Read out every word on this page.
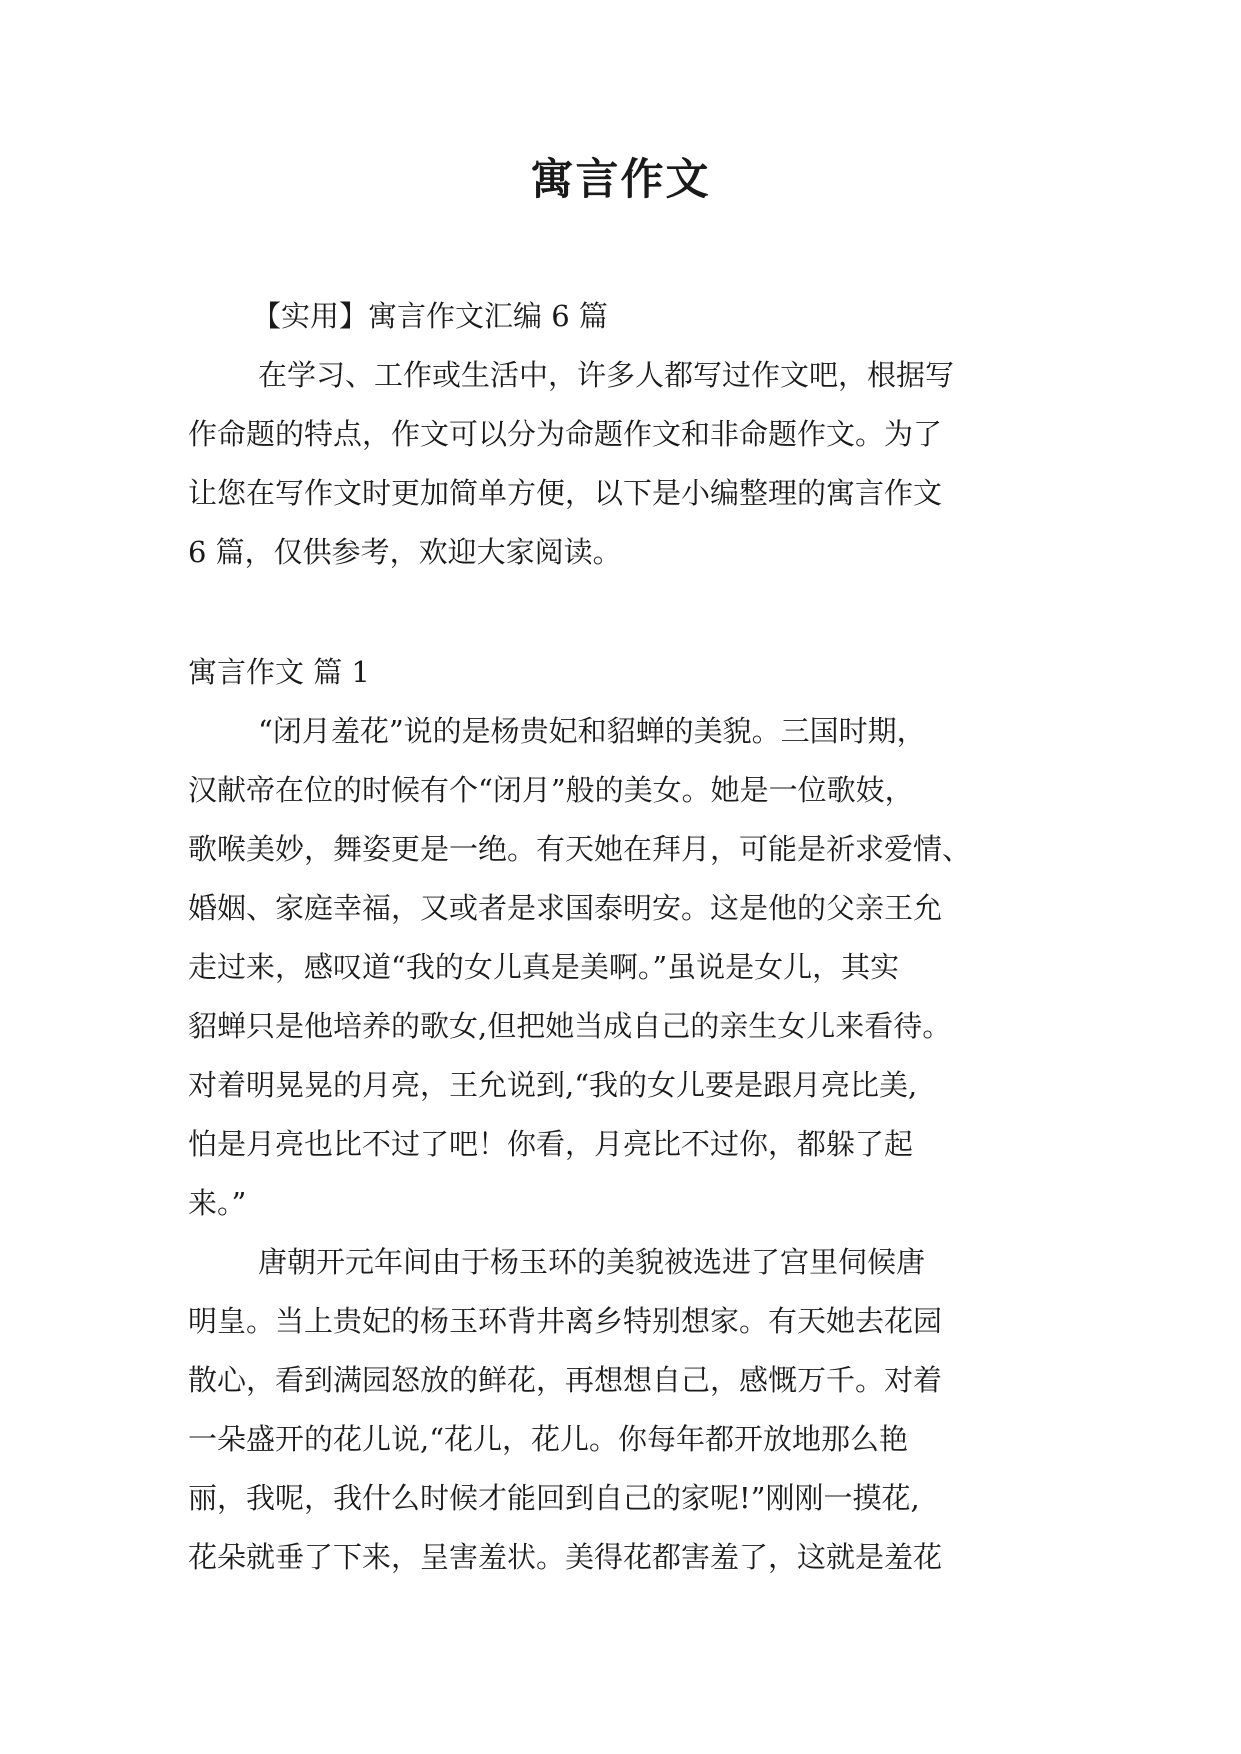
寓言作文

【实用】寓言作文汇编 6 篇

在学习、工作或生活中，许多人都写过作文吧，根据写

作命题的特点，作文可以分为命题作文和非命题作文。为了

让您在写作文时更加简单方便，以下是小编整理的寓言作文

6 篇，仅供参考，欢迎大家阅读。

寓言作文 篇 1

“闭月羞花”说的是杨贵妃和貂蝉的美貌。三国时期，

汉献帝在位的时候有个“闭月”般的美女。她是一位歌妓，

歌喉美妙，舞姿更是一绝。有天她在拜月，可能是祈求爱情、

婚姻、家庭幸福，又或者是求国泰明安。这是他的父亲王允

走过来，感叹道“我的女儿真是美啊。”虽说是女儿，其实

貂蝉只是他培养的歌女,但把她当成自己的亲生女儿来看待。

对着明晃晃的月亮，王允说到,“我的女儿要是跟月亮比美,

怕是月亮也比不过了吧！你看，月亮比不过你，都躲了起

来。”

唐朝开元年间由于杨玉环的美貌被选进了宫里伺候唐

明皇。当上贵妃的杨玉环背井离乡特别想家。有天她去花园

散心，看到满园怒放的鲜花，再想想自己，感慨万千。对着

一朵盛开的花儿说,“花儿，花儿。你每年都开放地那么艳

丽，我呢，我什么时候才能回到自己的家呢!”刚刚一摸花,

花朵就垂了下来，呈害羞状。美得花都害羞了，这就是羞花
